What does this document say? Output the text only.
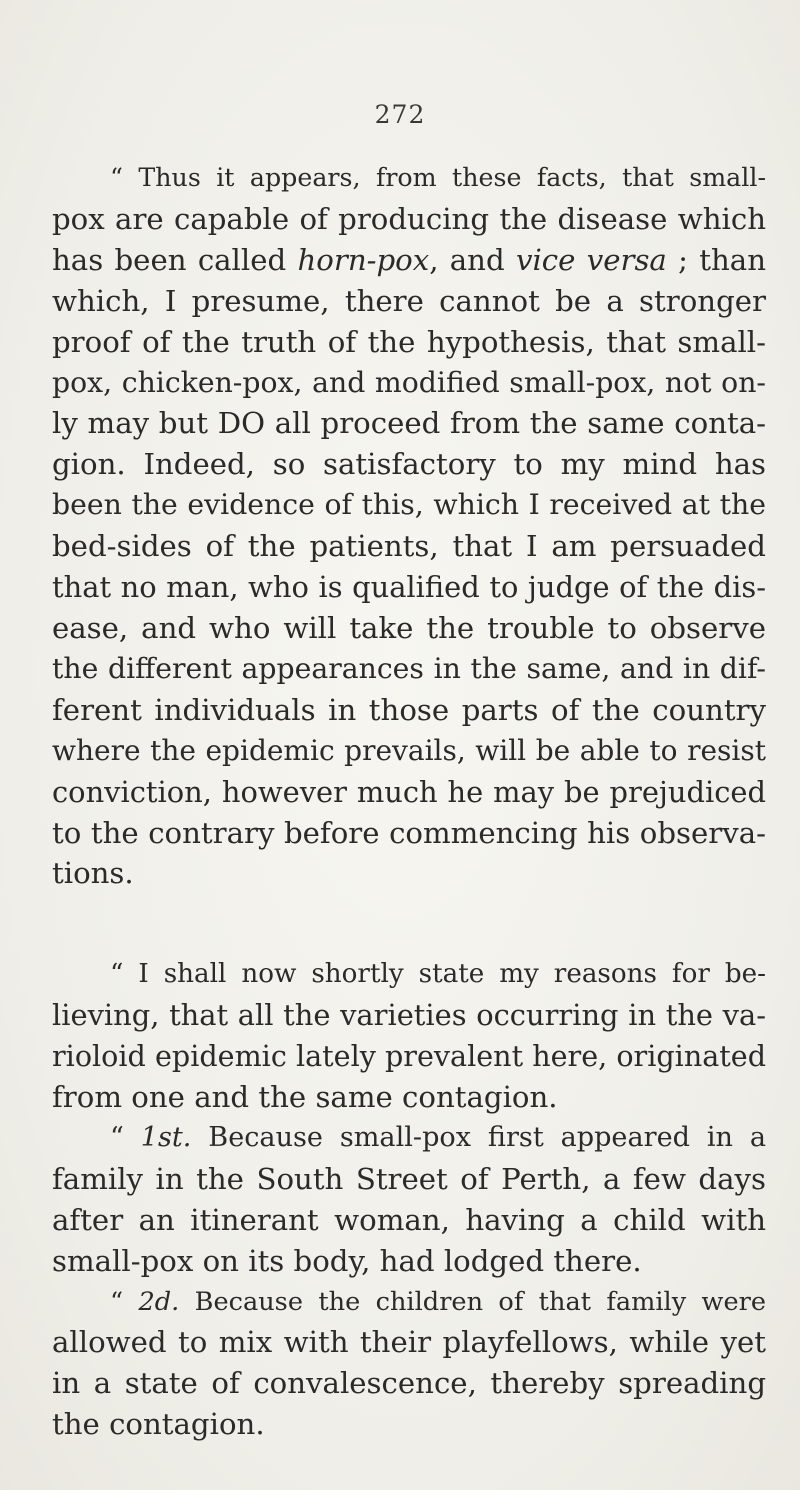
272

“ Thus it appears, from these facts, that small-
pox are capable of producing the disease which
has been called horn-pox, and vice versa ; than
which, I presume, there cannot be a stronger
proof of the truth of the hypothesis, that small-
pox, chicken-pox, and modified small-pox, not on-
ly may but DO all proceed from the same conta-
gion. Indeed, so satisfactory to my mind has
been the evidence of this, which I received at the
bed-sides of the patients, that I am persuaded
that no man, who is qualified to judge of the dis-
ease, and who will take the trouble to observe
the different appearances in the same, and in dif-
ferent individuals in those parts of the country
where the epidemic prevails, will be able to resist
conviction, however much he may be prejudiced
to the contrary before commencing his observa-
tions.

“ I shall now shortly state my reasons for be-
lieving, that all the varieties occurring in the va-
rioloid epidemic lately prevalent here, originated
from one and the same contagion.

“ 1st. Because small-pox first appeared in a
family in the South Street of Perth, a few days
after an itinerant woman, having a child with
small-pox on its body, had lodged there.

“ 2d. Because the children of that family were
allowed to mix with their playfellows, while yet
in a state of convalescence, thereby spreading
the contagion.
